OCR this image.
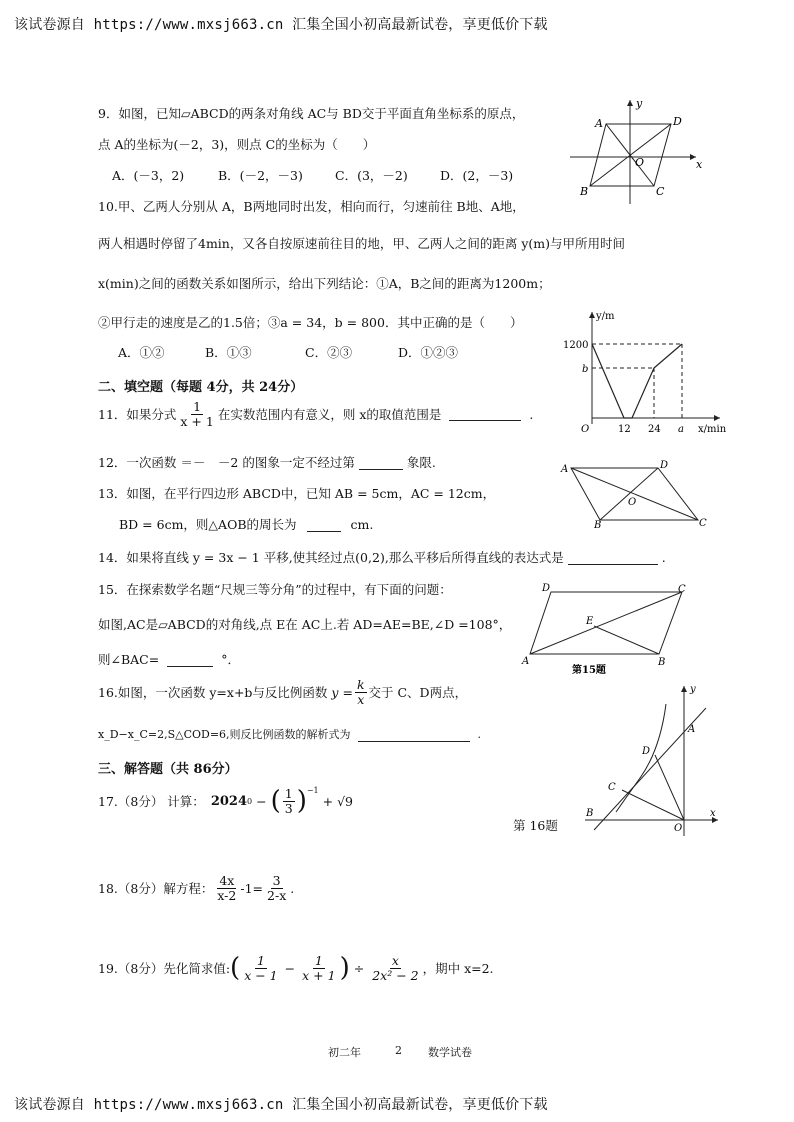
该试卷源自 https://www.mxsj663.cn 汇集全国小初高最新试卷，享更低价下载
9．如图，已知▱ABCD的两条对角线 AC与 BD交于平面直角坐标系的原点，
点 A的坐标为(－2，3)，则点 C的坐标为（　　）
A．(－3，2)	B．(－2，－3)	C．(3，－2)	D．(2，－3)
A	D
B	C
O	x
y
10.甲、乙两人分别从 A，B两地同时出发，相向而行，匀速前往 B地、A地，
两人相遇时停留了4min，又各自按原速前往目的地，甲、乙两人之间的距离 y(m)与甲所用时间
x(min)之间的函数关系如图所示，给出下列结论：①A，B之间的距离为1200m；
②甲行走的速度是乙的1.5倍；③a = 34，b = 800．其中正确的是（　　）
A．①②	B．①③	C．②③	D．①②③
y/m
x/min
1200
b
O	12 24 a
二、填空题（每题 4分，共 24分）
11．如果分式 $\frac{1}{x + 1}$ 在实数范围内有意义，则 x的取值范围是	.
12．一次函数 ＝－　－2 的图象一定不经过第	象限.
13．如图，在平行四边形 ABCD中，已知 AB = 5cm，AC = 12cm，
BD = 6cm，则△AOB的周长为	cm.
A	D
B	C
O
14．如果将直线 y = 3x − 1 平移,使其经过点(0,2),那么平移后所得直线的表达式是	.
15．在探索数学名题“尺规三等分角”的过程中，有下面的问题：
如图,AC是▱ABCD的对角线,点 E在 AC上.若 AD=AE=BE,∠D =108°，
则∠BAC=	°．
D	C
A	B
E
第15题
16.如图，一次函数 y=x+b与反比例函数 $y = \frac{k}{x}$ 交于 C、D两点，
x_D−x_C=2,S△COD=6,则反比例函数的解析式为	.
y
x
A
D
C
B
O
第 16题
三、解答题（共 86分）
17.（8分） 计算： 2024 0 − ( $\frac{1}{3} )^{-1}$
+ √9
18.（8分）解方程： $\frac{4x}{x-2} -1= \frac{3}{2-x}$ .
19.（8分）先化简求值: ( $\frac{1}{x - 1} - \frac{1}{x + 1}$ ) ÷ $\frac{x}{\text{2x² − 2}}$ ，期中 x=2.
初二年	2 数学试卷
该试卷源自 https://www.mxsj663.cn 汇集全国小初高最新试卷，享更低价下载
